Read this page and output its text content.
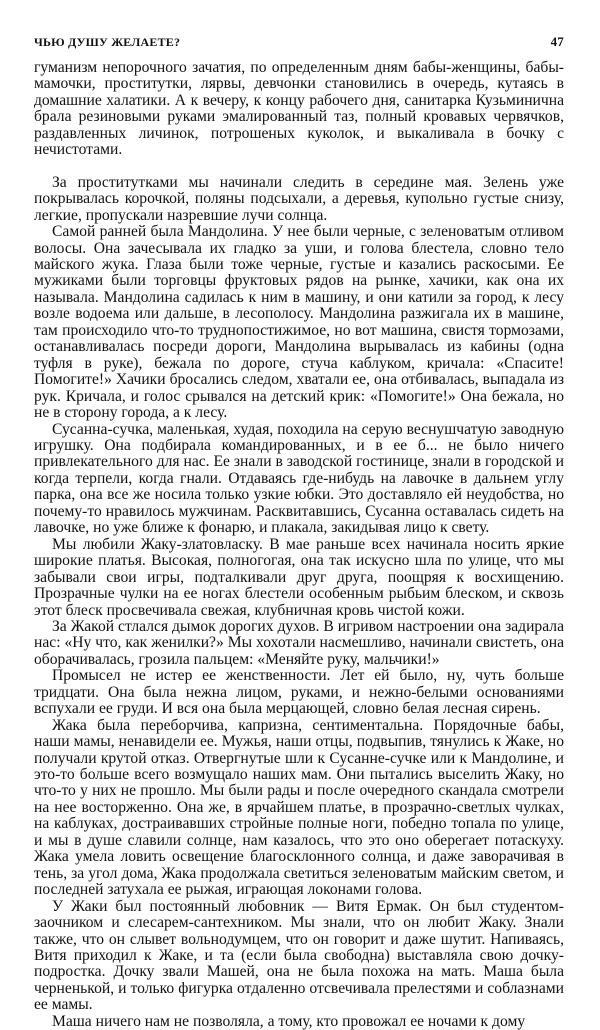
ЧЬЮ ДУШУ ЖЕЛАЕТЕ?	47

гуманизм непорочного зачатия, по определенным дням бабы-женщины, бабы-мамочки, проститутки, лярвы, девчонки становились в очередь, кутаясь в домашние халатики. А к вечеру, к концу рабочего дня, санитарка Кузьминична брала резиновыми руками эмалированный таз, полный кровавых червячков, раздавленных личинок, потрошеных куколок, и выкаливала в бочку с нечистотами.

За проститутками мы начинали следить в середине мая. Зелень уже покрывалась корочкой, поляны подсыхали, а деревья, купольно густые снизу, легкие, пропускали назревшие лучи солнца.

Самой ранней была Мандолина. У нее были черные, с зеленоватым отливом волосы. Она зачесывала их гладко за уши, и голова блестела, словно тело майского жука. Глаза были тоже черные, густые и казались раскосыми. Ее мужиками были торговцы фруктовых рядов на рынке, хачики, как она их называла. Мандолина садилась к ним в машину, и они катили за город, к лесу возле водоема или дальше, в лесополосу. Мандолина разжигала их в машине, там происходило что-то труднопостижимое, но вот машина, свистя тормозами, останавливалась посреди дороги, Мандолина вырывалась из кабины (одна туфля в руке), бежала по дороге, стуча каблуком, кричала: «Спасите! Помогите!» Хачики бросались следом, хватали ее, она отбивалась, выпадала из рук. Кричала, и голос срывался на детский крик: «Помогите!» Она бежала, но не в сторону города, а к лесу.

Сусанна-сучка, маленькая, худая, походила на серую веснушчатую заводную игрушку. Она подбирала командированных, и в ее б... не было ничего привлекательного для нас. Ее знали в заводской гостинице, знали в городской и когда терпели, когда гнали. Отдаваясь где-нибудь на лавочке в дальнем углу парка, она все же носила только узкие юбки. Это доставляло ей неудобства, но почему-то нравилось мужчинам. Расквитавшись, Сусанна оставалась сидеть на лавочке, но уже ближе к фонарю, и плакала, закидывая лицо к свету.

Мы любили Жаку-златовласку. В мае раньше всех начинала носить яркие широкие платья. Высокая, полногогая, она так искусно шла по улице, что мы забывали свои игры, подталкивали друг друга, поощряя к восхищению. Прозрачные чулки на ее ногах блестели особенным рыбьим блеском, и сквозь этот блеск просвечивала свежая, клубничная кровь чистой кожи.

За Жакой стлался дымок дорогих духов. В игривом настроении она задирала нас: «Ну что, как женилки?» Мы хохотали насмешливо, начинали свистеть, она оборачивалась, грозила пальцем: «Меняйте руку, мальчики!»

Промысел не истер ее женственности. Лет ей было, ну, чуть больше тридцати. Она была нежна лицом, руками, и нежно-белыми основаниями вспухали ее груди. И вся она была мерцающей, словно белая лесная сирень.

Жака была переборчива, капризна, сентиментальна. Порядочные бабы, наши мамы, ненавидели ее. Мужья, наши отцы, подвыпив, тянулись к Жаке, но получали крутой отказ. Отвергнутые шли к Сусанне-сучке или к Мандолине, и это-то больше всего возмущало наших мам. Они пытались выселить Жаку, но что-то у них не прошло. Мы были рады и после очередного скандала смотрели на нее восторженно. Она же, в ярчайшем платье, в прозрачно-светлых чулках, на каблуках, достраивавших стройные полные ноги, победно топала по улице, и мы в душе славили солнце, нам казалось, что это оно оберегает потаскуху. Жака умела ловить освещение благосклонного солнца, и даже заворачивая в тень, за угол дома, Жака продолжала светиться зеленоватым майским светом, и последней затухала ее рыжая, играющая локонами голова.

У Жаки был постоянный любовник — Витя Ермак. Он был студентом-заочником и слесарем-сантехником. Мы знали, что он любит Жаку. Знали также, что он слывет вольнодумцем, что он говорит и даже шутит. Напиваясь, Витя приходил к Жаке, и та (если была свободна) выставляла свою дочку-подростка. Дочку звали Машей, она не была похожа на мать. Маша была черненькой, и только фигурка отдаленно отсвечивала прелестями и соблазнами ее мамы.

Маша ничего нам не позволяла, а тому, кто провожал ее ночами к дому
